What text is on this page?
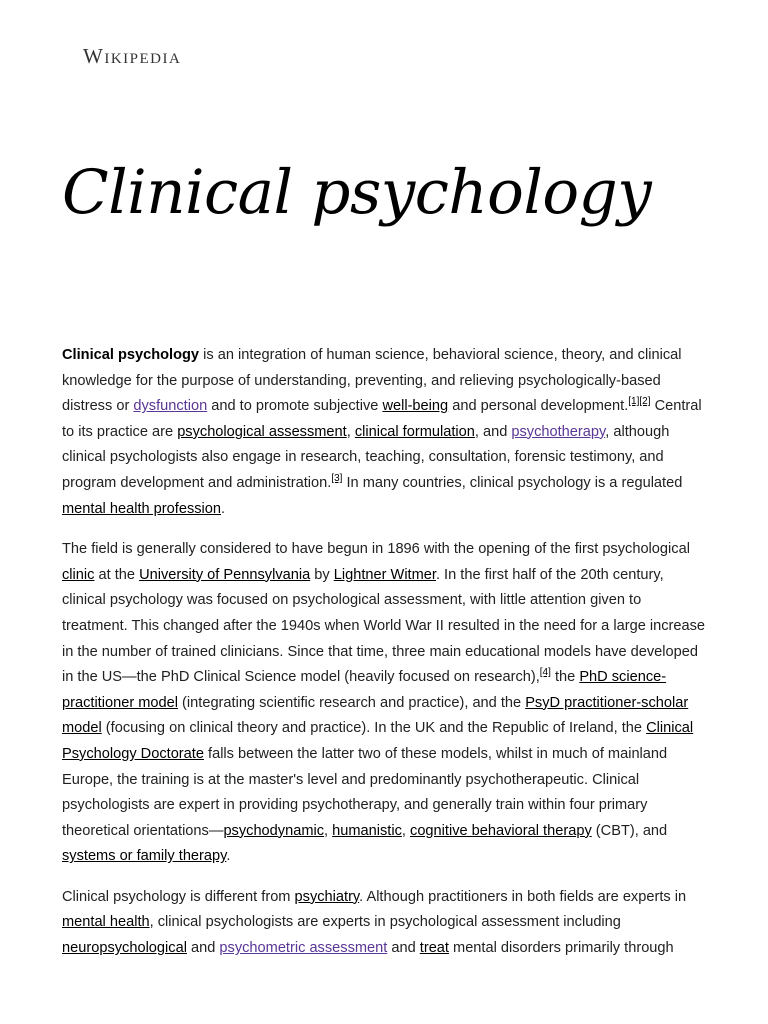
Wikipedia
Clinical psychology

Clinical psychology is an integration of human science, behavioral science, theory, and clinical knowledge for the purpose of understanding, preventing, and relieving psychologically-based distress or dysfunction and to promote subjective well-being and personal development.[1][2] Central to its practice are psychological assessment, clinical formulation, and psychotherapy, although clinical psychologists also engage in research, teaching, consultation, forensic testimony, and program development and administration.[3] In many countries, clinical psychology is a regulated mental health profession.

The field is generally considered to have begun in 1896 with the opening of the first psychological clinic at the University of Pennsylvania by Lightner Witmer. In the first half of the 20th century, clinical psychology was focused on psychological assessment, with little attention given to treatment. This changed after the 1940s when World War II resulted in the need for a large increase in the number of trained clinicians. Since that time, three main educational models have developed in the US—the PhD Clinical Science model (heavily focused on research),[4] the PhD science-practitioner model (integrating scientific research and practice), and the PsyD practitioner-scholar model (focusing on clinical theory and practice). In the UK and the Republic of Ireland, the Clinical Psychology Doctorate falls between the latter two of these models, whilst in much of mainland Europe, the training is at the master's level and predominantly psychotherapeutic. Clinical psychologists are expert in providing psychotherapy, and generally train within four primary theoretical orientations—psychodynamic, humanistic, cognitive behavioral therapy (CBT), and systems or family therapy.

Clinical psychology is different from psychiatry. Although practitioners in both fields are experts in mental health, clinical psychologists are experts in psychological assessment including neuropsychological and psychometric assessment and treat mental disorders primarily through
